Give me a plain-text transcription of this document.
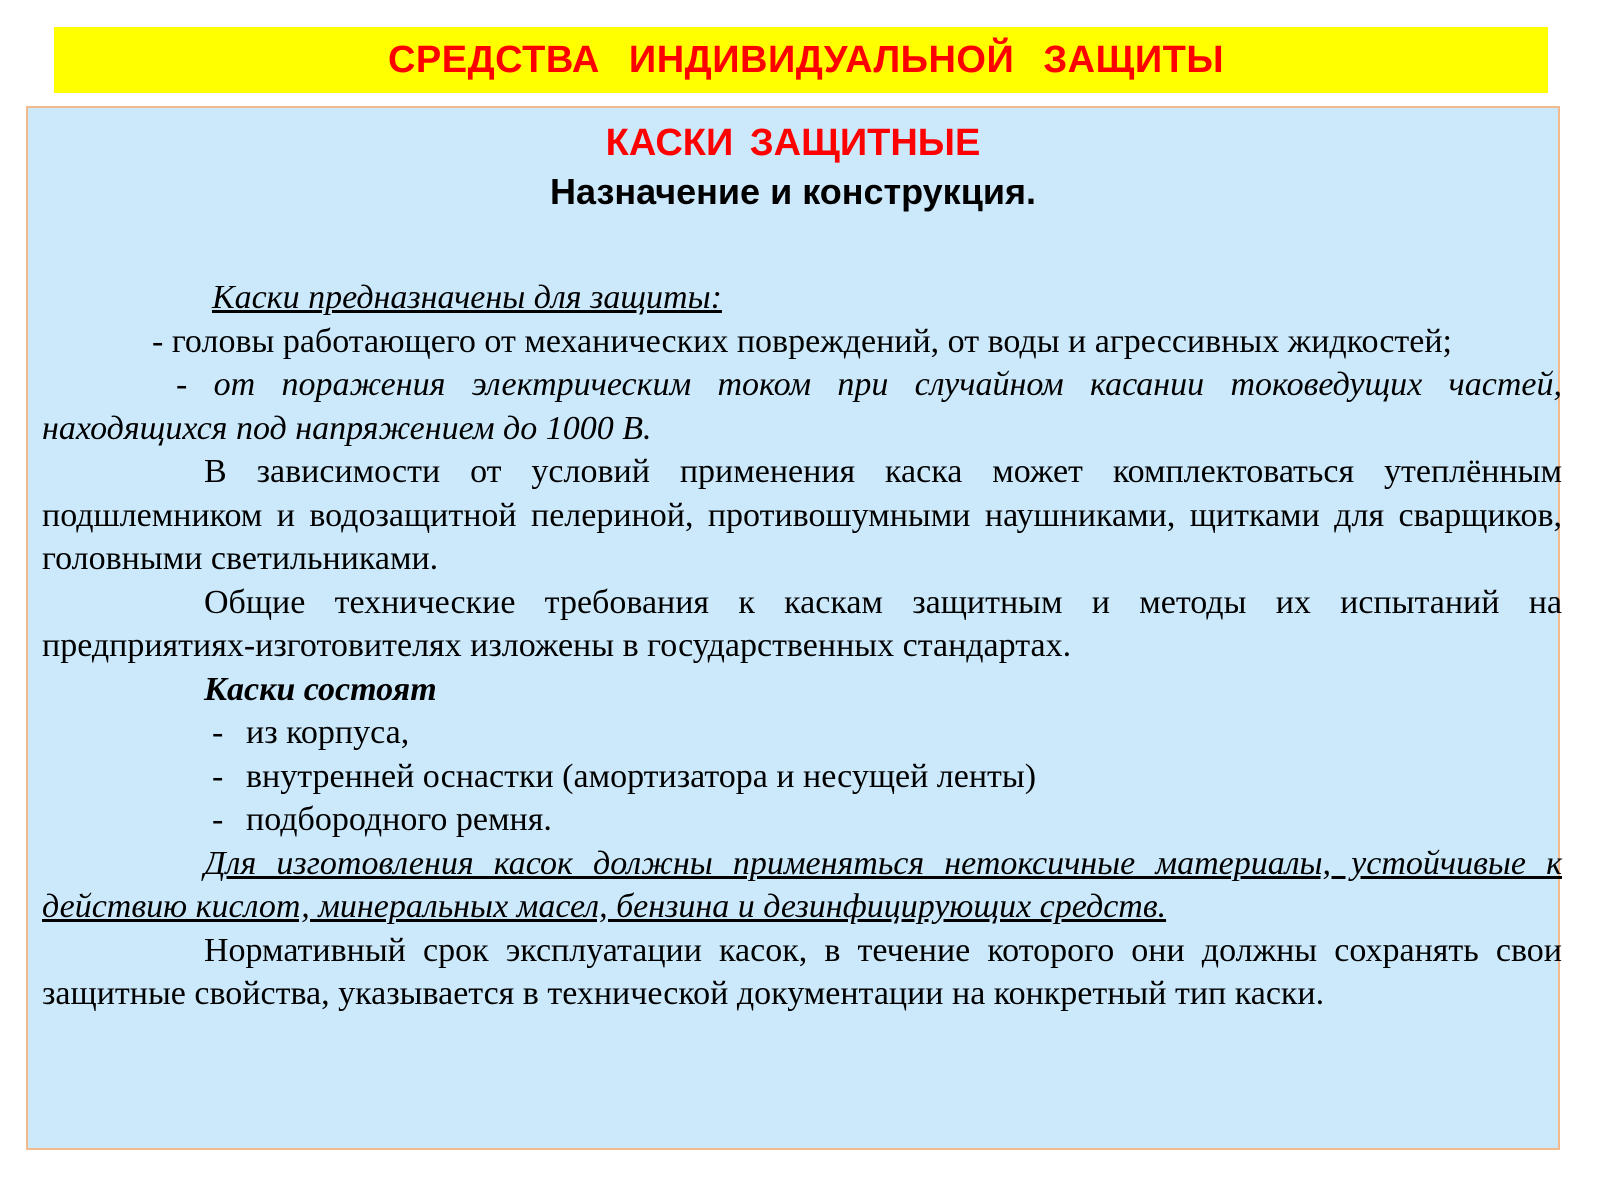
СРЕДСТВА ИНДИВИДУАЛЬНОЙ ЗАЩИТЫ
КАСКИ ЗАЩИТНЫЕ
Назначение и конструкция.

Каски предназначены для защиты:

- головы работающего от механических повреждений, от воды и агрессивных жидкостей;

- от поражения электрическим током при случайном касании токоведущих частей, находящихся под напряжением до 1000 В.

В зависимости от условий применения каска может комплектоваться утеплённым подшлемником и водозащитной пелериной, противошумными наушниками, щитками для сварщиков, головными светильниками.

Общие технические требования к каскам защитным и методы их испытаний на предприятиях-изготовителях изложены в государственных стандартах.

Каски состоят

- из корпуса,

- внутренней оснастки (амортизатора и несущей ленты)

- подбородного ремня.

Для изготовления касок должны применяться нетоксичные материалы, устойчивые к действию кислот, минеральных масел, бензина и дезинфицирующих средств.

Нормативный срок эксплуатации касок, в течение которого они должны сохранять свои защитные свойства, указывается в технической документации на конкретный тип каски.
